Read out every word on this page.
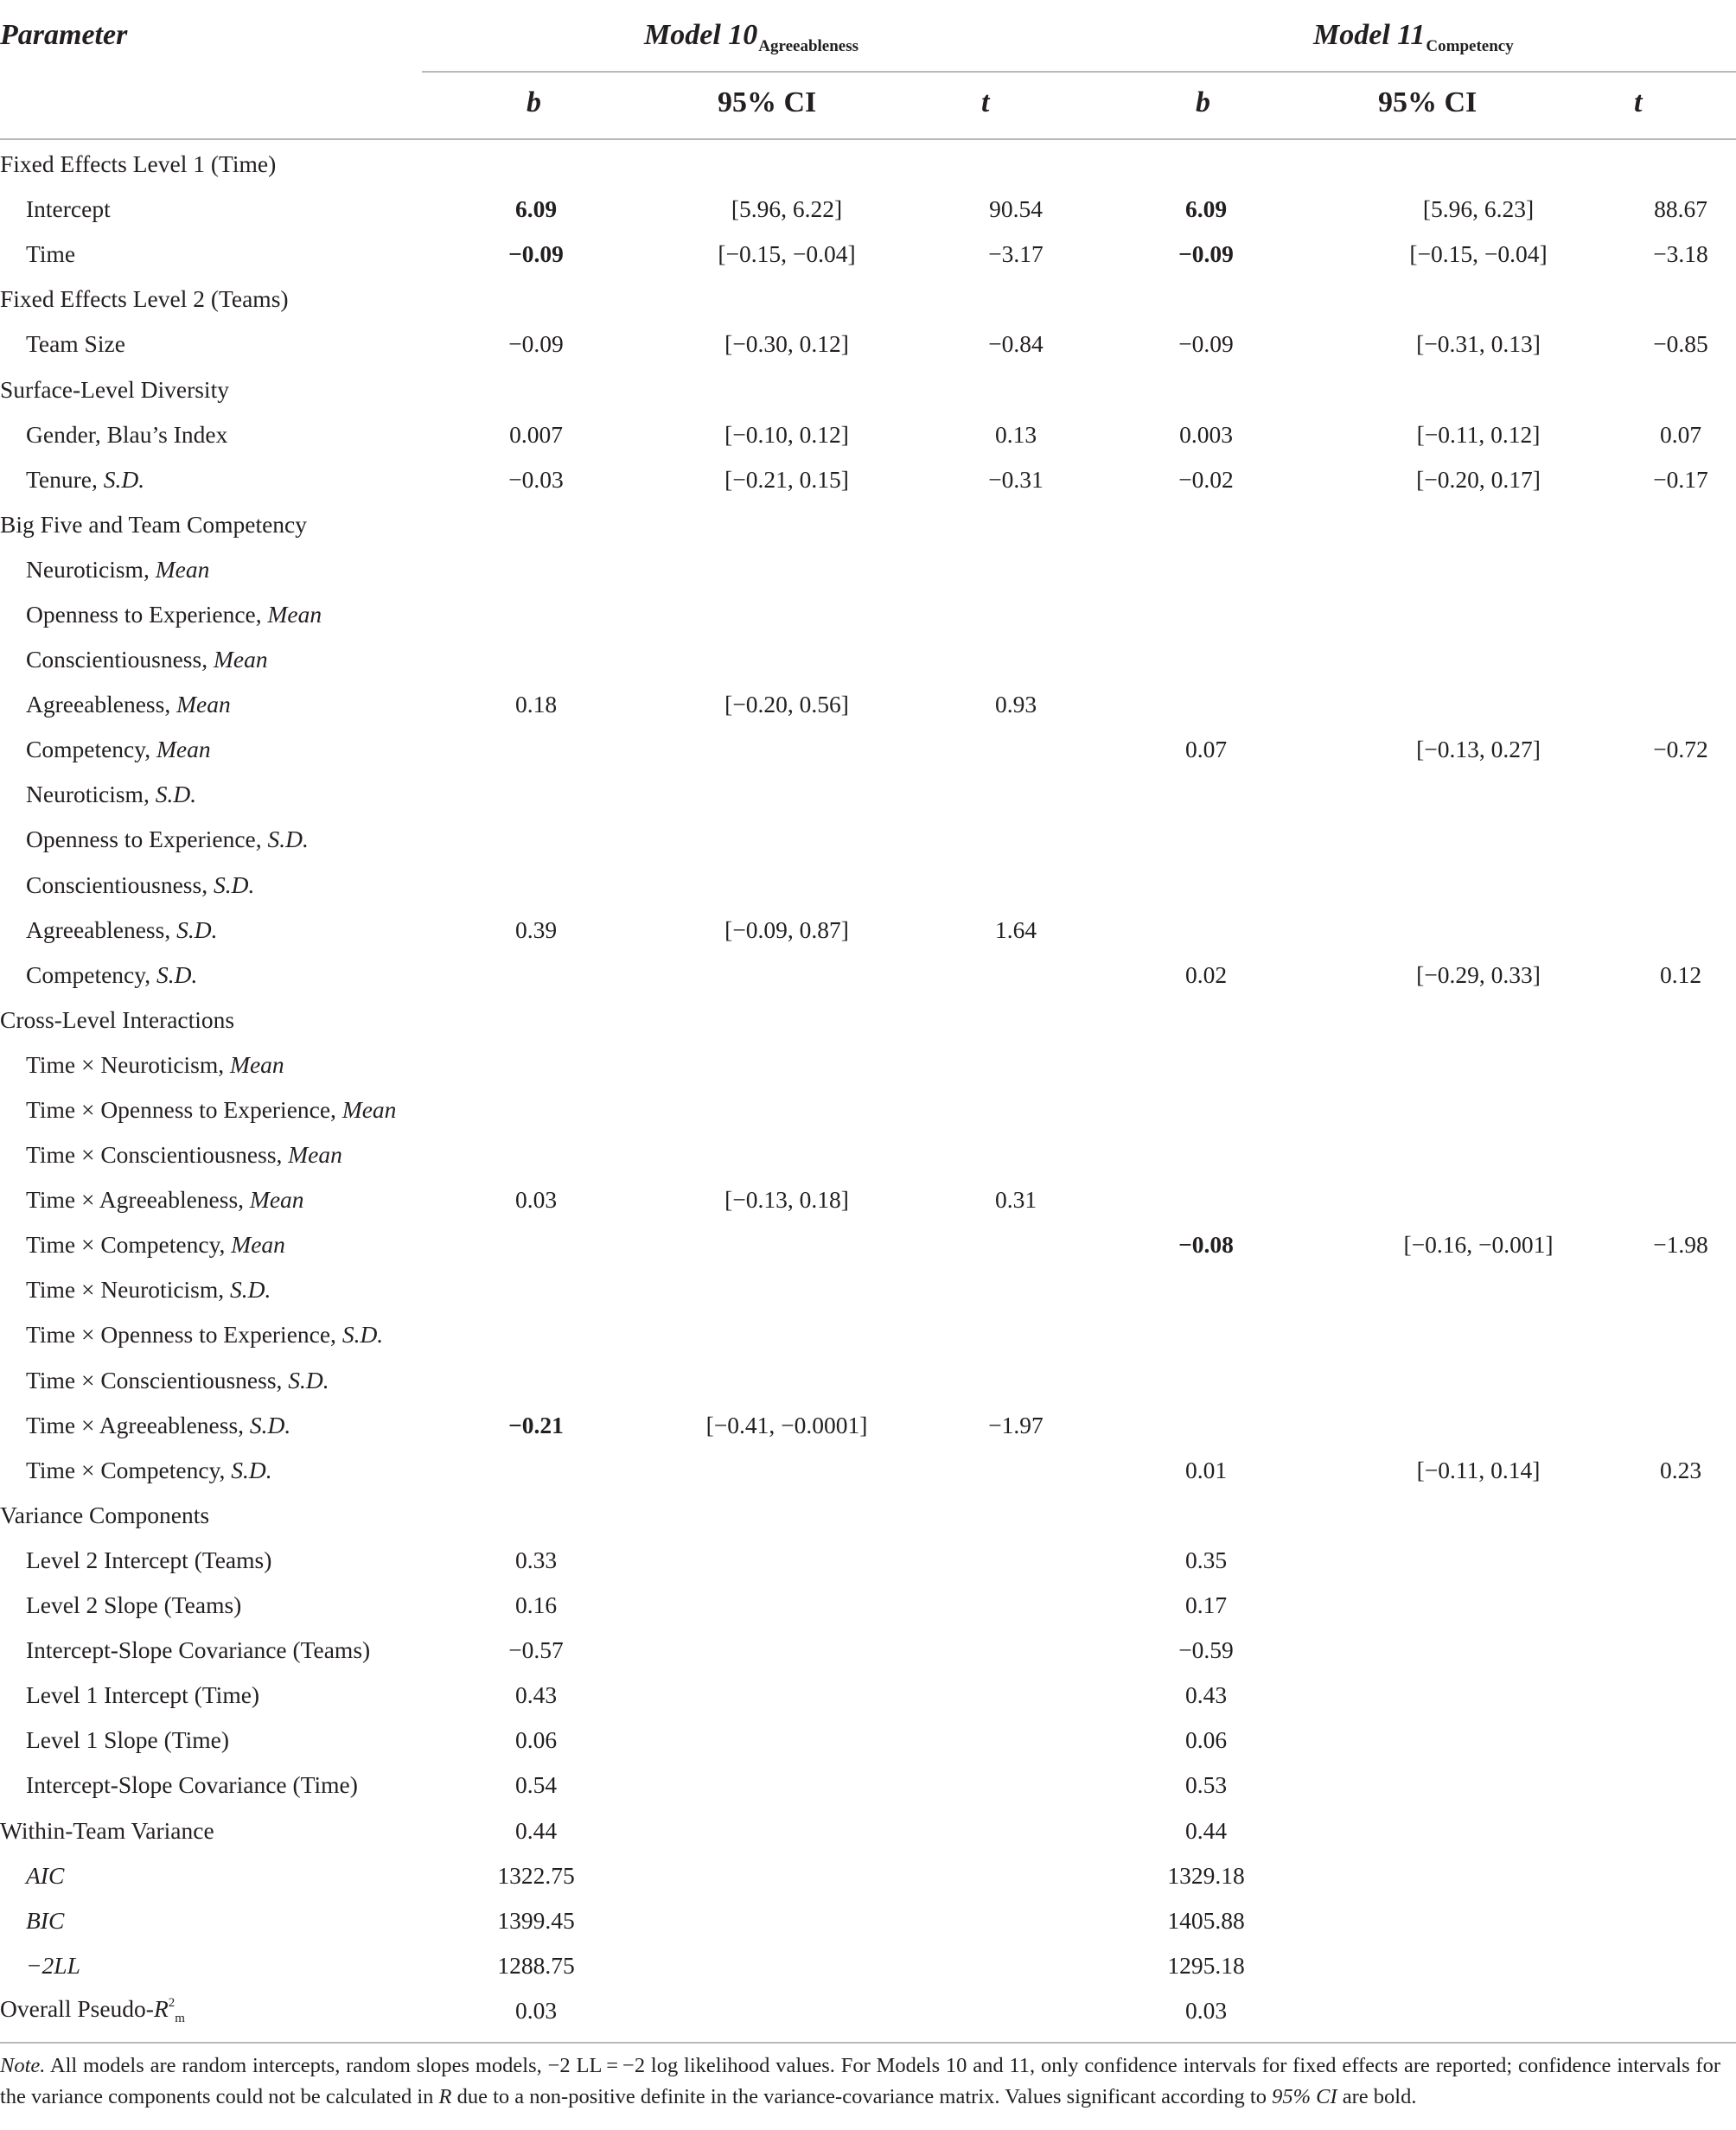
Parameter	Model $10_{Agreeableness}$	Model $11_{Competency}$
b	95% CI	t	b	95% CI	t
Fixed Effects Level 1 (Time)						
Intercept	6.09	[5.96, 6.22]	90.54	6.09	[5.96, 6.23]	88.67
Time	−0.09	[−0.15, −0.04]	−3.17	−0.09	[−0.15, −0.04]	−3.18
Fixed Effects Level 2 (Teams)						
Team Size	−0.09	[−0.30, 0.12]	−0.84	−0.09	[−0.31, 0.13]	−0.85
Surface-Level Diversity						
Gender, Blau’s Index	0.007	[−0.10, 0.12]	0.13	0.003	[−0.11, 0.12]	0.07
Tenure, S.D.	−0.03	[−0.21, 0.15]	−0.31	−0.02	[−0.20, 0.17]	−0.17
Big Five and Team Competency						
Neuroticism, Mean						
Openness to Experience, Mean						
Conscientiousness, Mean						
Agreeableness, Mean	0.18	[−0.20, 0.56]	0.93			
Competency, Mean				0.07	[−0.13, 0.27]	−0.72
Neuroticism, S.D.						
Openness to Experience, S.D.						
Conscientiousness, S.D.						
Agreeableness, S.D.	0.39	[−0.09, 0.87]	1.64			
Competency, S.D.				0.02	[−0.29, 0.33]	0.12
Cross-Level Interactions						
Time × Neuroticism, Mean						
Time × Openness to Experience, Mean						
Time × Conscientiousness, Mean						
Time × Agreeableness, Mean	0.03	[−0.13, 0.18]	0.31			
Time × Competency, Mean				−0.08	[−0.16, −0.001]	−1.98
Time × Neuroticism, S.D.						
Time × Openness to Experience, S.D.						
Time × Conscientiousness, S.D.						
Time × Agreeableness, S.D.	−0.21	[−0.41, −0.0001]	−1.97			
Time × Competency, S.D.				0.01	[−0.11, 0.14]	0.23
Variance Components						
Level 2 Intercept (Teams)	0.33			0.35		
Level 2 Slope (Teams)	0.16			0.17		
Intercept-Slope Covariance (Teams)	−0.57			−0.59		
Level 1 Intercept (Time)	0.43			0.43		
Level 1 Slope (Time)	0.06			0.06		
Intercept-Slope Covariance (Time)	0.54			0.53		
Within-Team Variance	0.44			0.44		
AIC	1322.75			1329.18		
BIC	1399.45			1405.88		
−2LL	1288.75			1295.18		
Overall Pseudo-$R^2_m$	0.03			0.03		
Note. All models are random intercepts, random slopes models, −2 LL = −2 log likelihood values. For Models 10 and 11, only confidence intervals for fixed effects are reported; confidence intervals for the variance components could not be calculated in R due to a non-positive definite in the variance-covariance matrix. Values significant according to 95% CI are bold.
